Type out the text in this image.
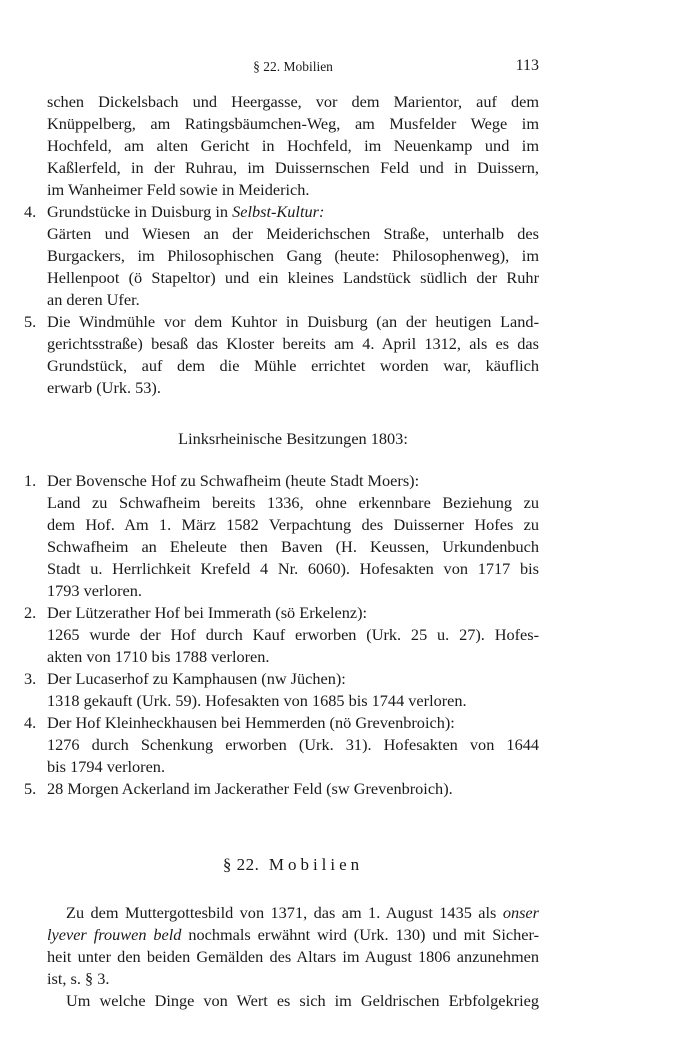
§ 22. Mobilien	113
schen Dickelsbach und Heergasse, vor dem Marientor, auf dem
Knüppelberg, am Ratingsbäumchen-Weg, am Musfelder Wege im
Hochfeld, am alten Gericht in Hochfeld, im Neuenkamp und im
Kaßlerfeld, in der Ruhrau, im Duissernschen Feld und in Duissern,
im Wanheimer Feld sowie in Meiderich.
4. Grundstücke in Duisburg in Selbst-Kultur:
Gärten und Wiesen an der Meiderichschen Straße, unterhalb des
Burgackers, im Philosophischen Gang (heute: Philosophenweg), im
Hellenpoot (ö Stapeltor) und ein kleines Landstück südlich der Ruhr
an deren Ufer.
5. Die Windmühle vor dem Kuhtor in Duisburg (an der heutigen Land-
gerichtsstraße) besaß das Kloster bereits am 4. April 1312, als es das
Grundstück, auf dem die Mühle errichtet worden war, käuflich
erwarb (Urk. 53).
Linksrheinische Besitzungen 1803:
1. Der Bovensche Hof zu Schwafheim (heute Stadt Moers):
Land zu Schwafheim bereits 1336, ohne erkennbare Beziehung zu
dem Hof. Am 1. März 1582 Verpachtung des Duisserner Hofes zu
Schwafheim an Eheleute then Baven (H. Keussen, Urkundenbuch
Stadt u. Herrlichkeit Krefeld 4 Nr. 6060). Hofesakten von 1717 bis
1793 verloren.
2. Der Lützerather Hof bei Immerath (sö Erkelenz):
1265 wurde der Hof durch Kauf erworben (Urk. 25 u. 27). Hofes-
akten von 1710 bis 1788 verloren.
3. Der Lucaserhof zu Kamphausen (nw Jüchen):
1318 gekauft (Urk. 59). Hofesakten von 1685 bis 1744 verloren.
4. Der Hof Kleinheckhausen bei Hemmerden (nö Grevenbroich):
1276 durch Schenkung erworben (Urk. 31). Hofesakten von 1644
bis 1794 verloren.
5. 28 Morgen Ackerland im Jackerather Feld (sw Grevenbroich).
§ 22. Mobilien
Zu dem Muttergottesbild von 1371, das am 1. August 1435 als onser
lyever frouwen beld nochmals erwähnt wird (Urk. 130) und mit Sicher-
heit unter den beiden Gemälden des Altars im August 1806 anzunehmen
ist, s. § 3.
Um welche Dinge von Wert es sich im Geldrischen Erbfolgekrieg
